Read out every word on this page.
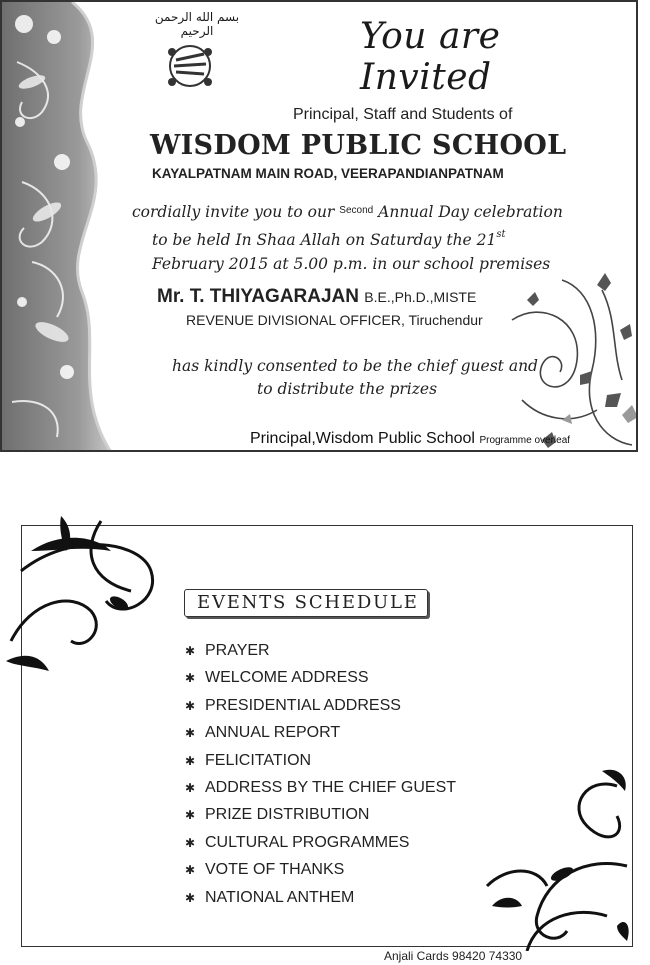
بسم الله الرحمن الرحيم	You are Invited
Principal, Staff and Students of
WISDOM PUBLIC SCHOOL
KAYALPATNAM MAIN ROAD, VEERAPANDIANPATNAM
cordially invite you to our $^{Second}$ Annual Day celebration
to be held In Shaa Allah on Saturday the 21st
February 2015 at 5.00 p.m. in our school premises
Mr. T. THIYAGARAJAN B.E.,Ph.D.,MISTE
REVENUE DIVISIONAL OFFICER, Tiruchendur
has kindly consented to be the chief guest and
to distribute the prizes
Principal,Wisdom Public School Programme overleaf
EVENTS SCHEDULE
✱ PRAYER
✱ WELCOME ADDRESS
✱ PRESIDENTIAL ADDRESS
✱ ANNUAL REPORT
✱ FELICITATION
✱ ADDRESS BY THE CHIEF GUEST
✱ PRIZE DISTRIBUTION
✱ CULTURAL PROGRAMMES
✱ VOTE OF THANKS
✱ NATIONAL ANTHEM
Anjali Cards 98420 74330
